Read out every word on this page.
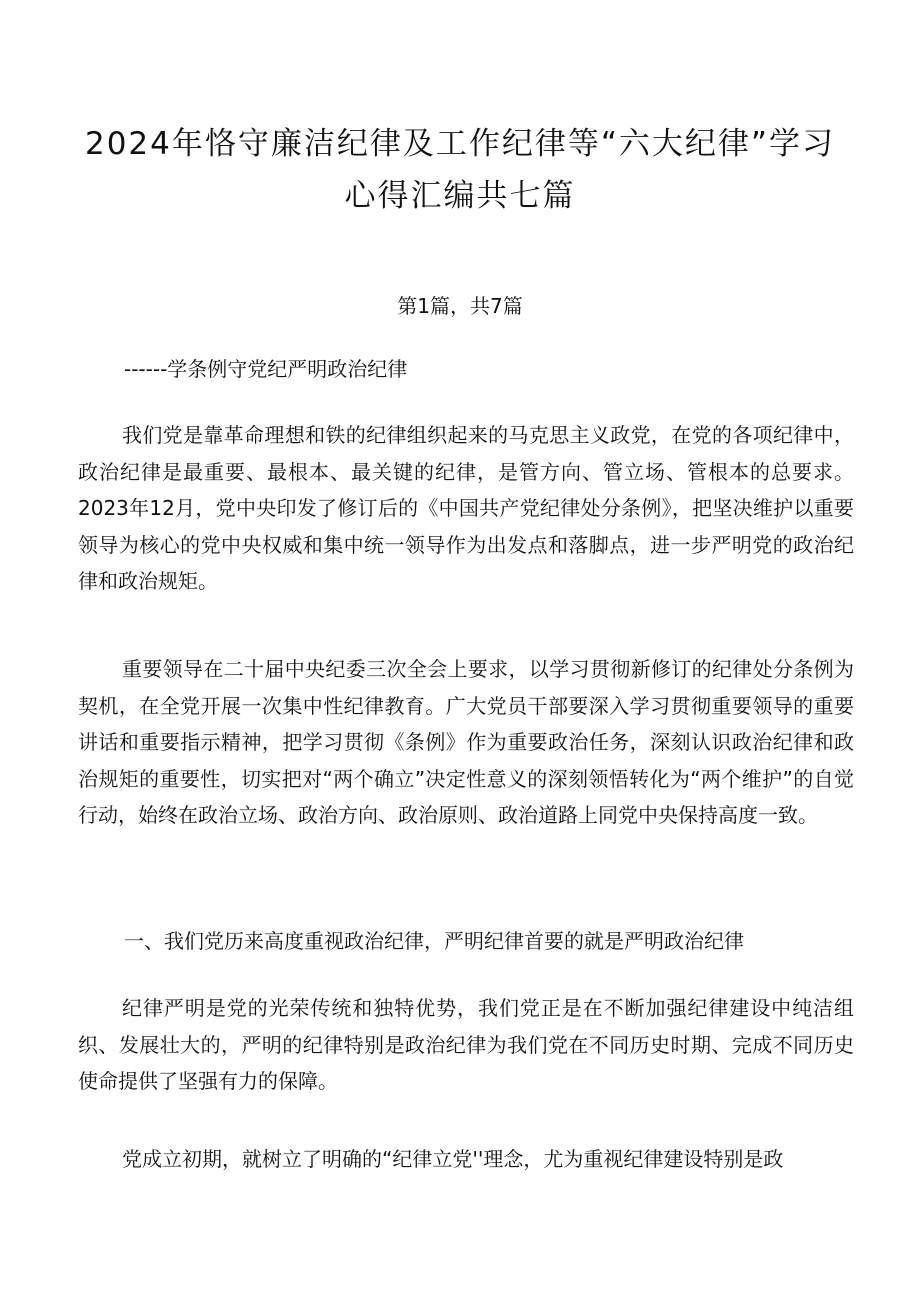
2024年恪守廉洁纪律及工作纪律等“六大纪律”学习心得汇编共七篇
第1篇，共7篇
------学条例守党纪严明政治纪律

我们党是靠革命理想和铁的纪律组织起来的马克思主义政党，在党的各项纪律中，政治纪律是最重要、最根本、最关键的纪律，是管方向、管立场、管根本的总要求。2023年12月，党中央印发了修订后的《中国共产党纪律处分条例》，把坚决维护以重要领导为核心的党中央权威和集中统一领导作为出发点和落脚点，进一步严明党的政治纪律和政治规矩。

重要领导在二十届中央纪委三次全会上要求，以学习贯彻新修订的纪律处分条例为契机，在全党开展一次集中性纪律教育。广大党员干部要深入学习贯彻重要领导的重要讲话和重要指示精神，把学习贯彻《条例》作为重要政治任务，深刻认识政治纪律和政治规矩的重要性，切实把对“两个确立”决定性意义的深刻领悟转化为“两个维护”的自觉行动，始终在政治立场、政治方向、政治原则、政治道路上同党中央保持高度一致。

一、我们党历来高度重视政治纪律，严明纪律首要的就是严明政治纪律

纪律严明是党的光荣传统和独特优势，我们党正是在不断加强纪律建设中纯洁组织、发展壮大的，严明的纪律特别是政治纪律为我们党在不同历史时期、完成不同历史使命提供了坚强有力的保障。

党成立初期，就树立了明确的“纪律立党''理念，尤为重视纪律建设特别是政
